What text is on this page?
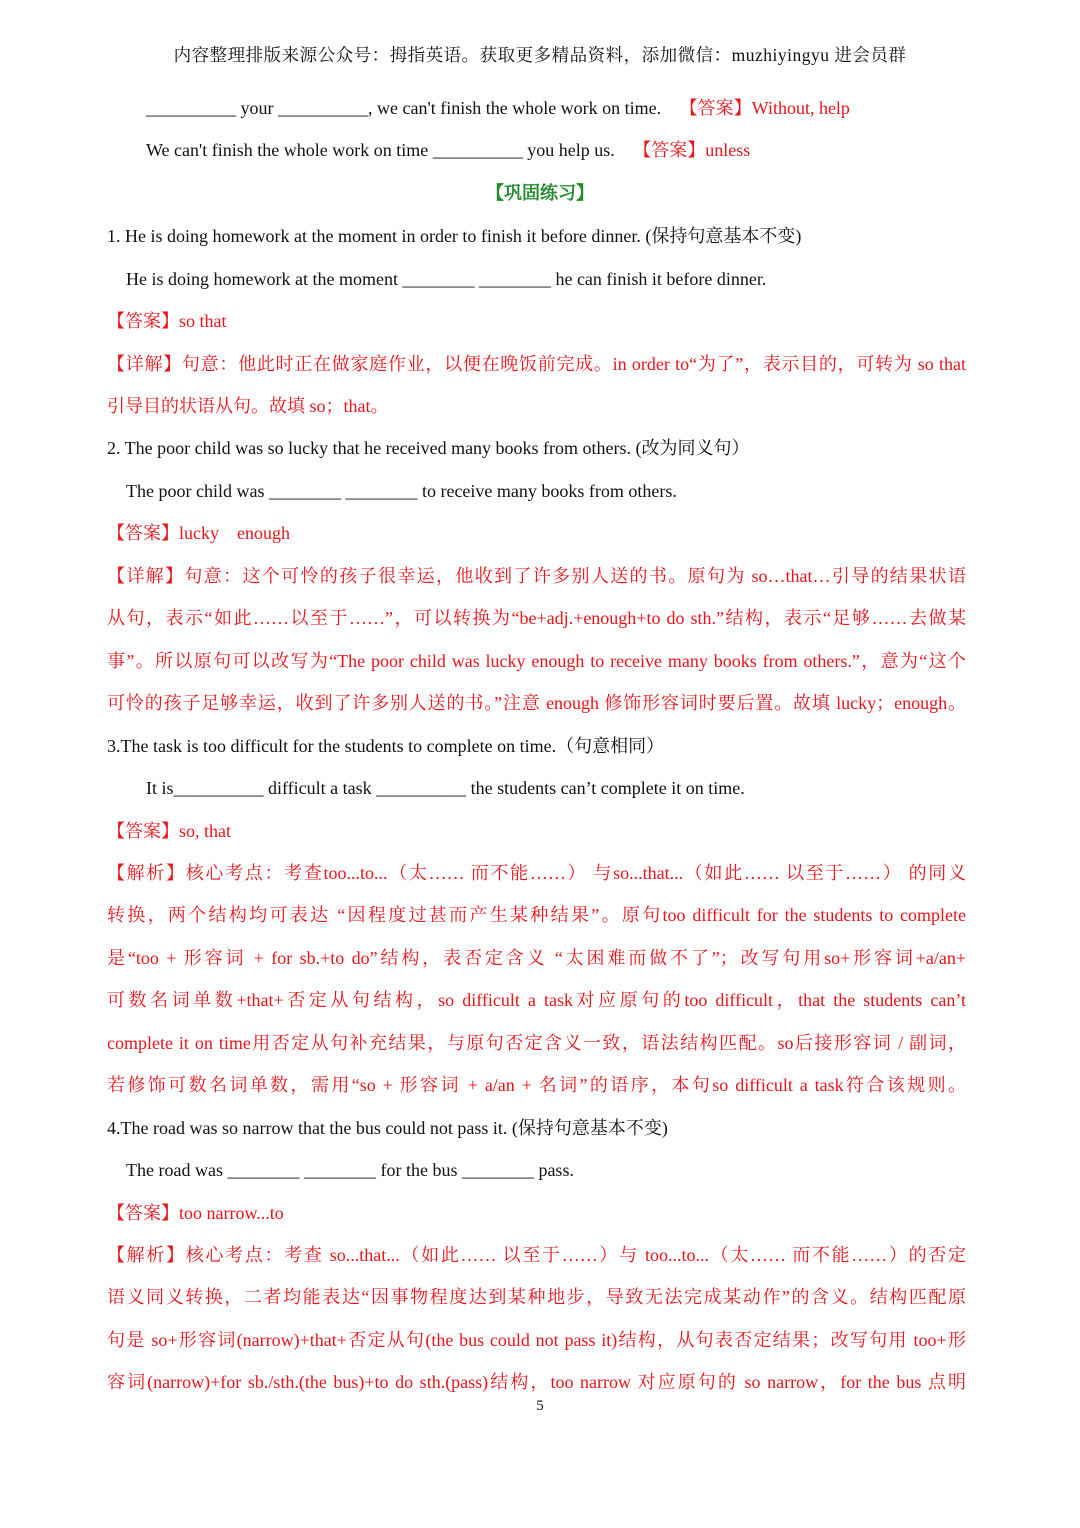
内容整理排版来源公众号：拇指英语。获取更多精品资料，添加微信：muzhiyingyu 进会员群
__________ your __________, we can't finish the whole work on time. 【答案】Without, help
We can't finish the whole work on time __________ you help us. 【答案】unless
【巩固练习】
1. He is doing homework at the moment in order to finish it before dinner. (保持句意基本不变)
He is doing homework at the moment ________ ________ he can finish it before dinner.
【答案】so that
【详解】句意：他此时正在做家庭作业，以便在晚饭前完成。in order to“为了”，表示目的，可转为 so that
引导目的状语从句。故填 so；that。
2. The poor child was so lucky that he received many books from others. (改为同义句）
The poor child was ________ ________ to receive many books from others.
【答案】lucky　enough
【详解】句意：这个可怜的孩子很幸运，他收到了许多别人送的书。原句为 so…that…引导的结果状语
从句，表示“如此……以至于……”，可以转换为“be+adj.+enough+to do sth.”结构，表示“足够……去做某
事”。所以原句可以改写为“The poor child was lucky enough to receive many books from others.”，意为“这个
可怜的孩子足够幸运，收到了许多别人送的书。”注意 enough 修饰形容词时要后置。故填 lucky；enough。
3.The task is too difficult for the students to complete on time.（句意相同）
It is__________ difficult a task __________ the students can’t complete it on time.
【答案】so, that
【解析】核心考点：考查too...to...（太…… 而不能……） 与so...that...（如此…… 以至于……） 的同义
转换，两个结构均可表达 “因程度过甚而产生某种结果”。原句too difficult for the students to complete
是“too + 形容词 + for sb.+to do”结构，表否定含义 “太困难而做不了”；改写句用so+形容词+a/an+
可数名词单数+that+否定从句结构，so difficult a task对应原句的too difficult，that the students can’t
complete it on time用否定从句补充结果，与原句否定含义一致，语法结构匹配。so后接形容词 / 副词，
若修饰可数名词单数，需用“so + 形容词 + a/an + 名词”的语序，本句so difficult a task符合该规则。
4.The road was so narrow that the bus could not pass it. (保持句意基本不变)
The road was ________ ________ for the bus ________ pass.
【答案】too narrow...to
【解析】核心考点：考查 so...that...（如此…… 以至于……）与 too...to...（太…… 而不能……）的否定
语义同义转换，二者均能表达“因事物程度达到某种地步，导致无法完成某动作”的含义。结构匹配原
句是 so+形容词(narrow)+that+否定从句(the bus could not pass it)结构，从句表否定结果；改写句用 too+形
容词(narrow)+for sb./sth.(the bus)+to do sth.(pass)结构，too narrow 对应原句的 so narrow，for the bus 点明
5
